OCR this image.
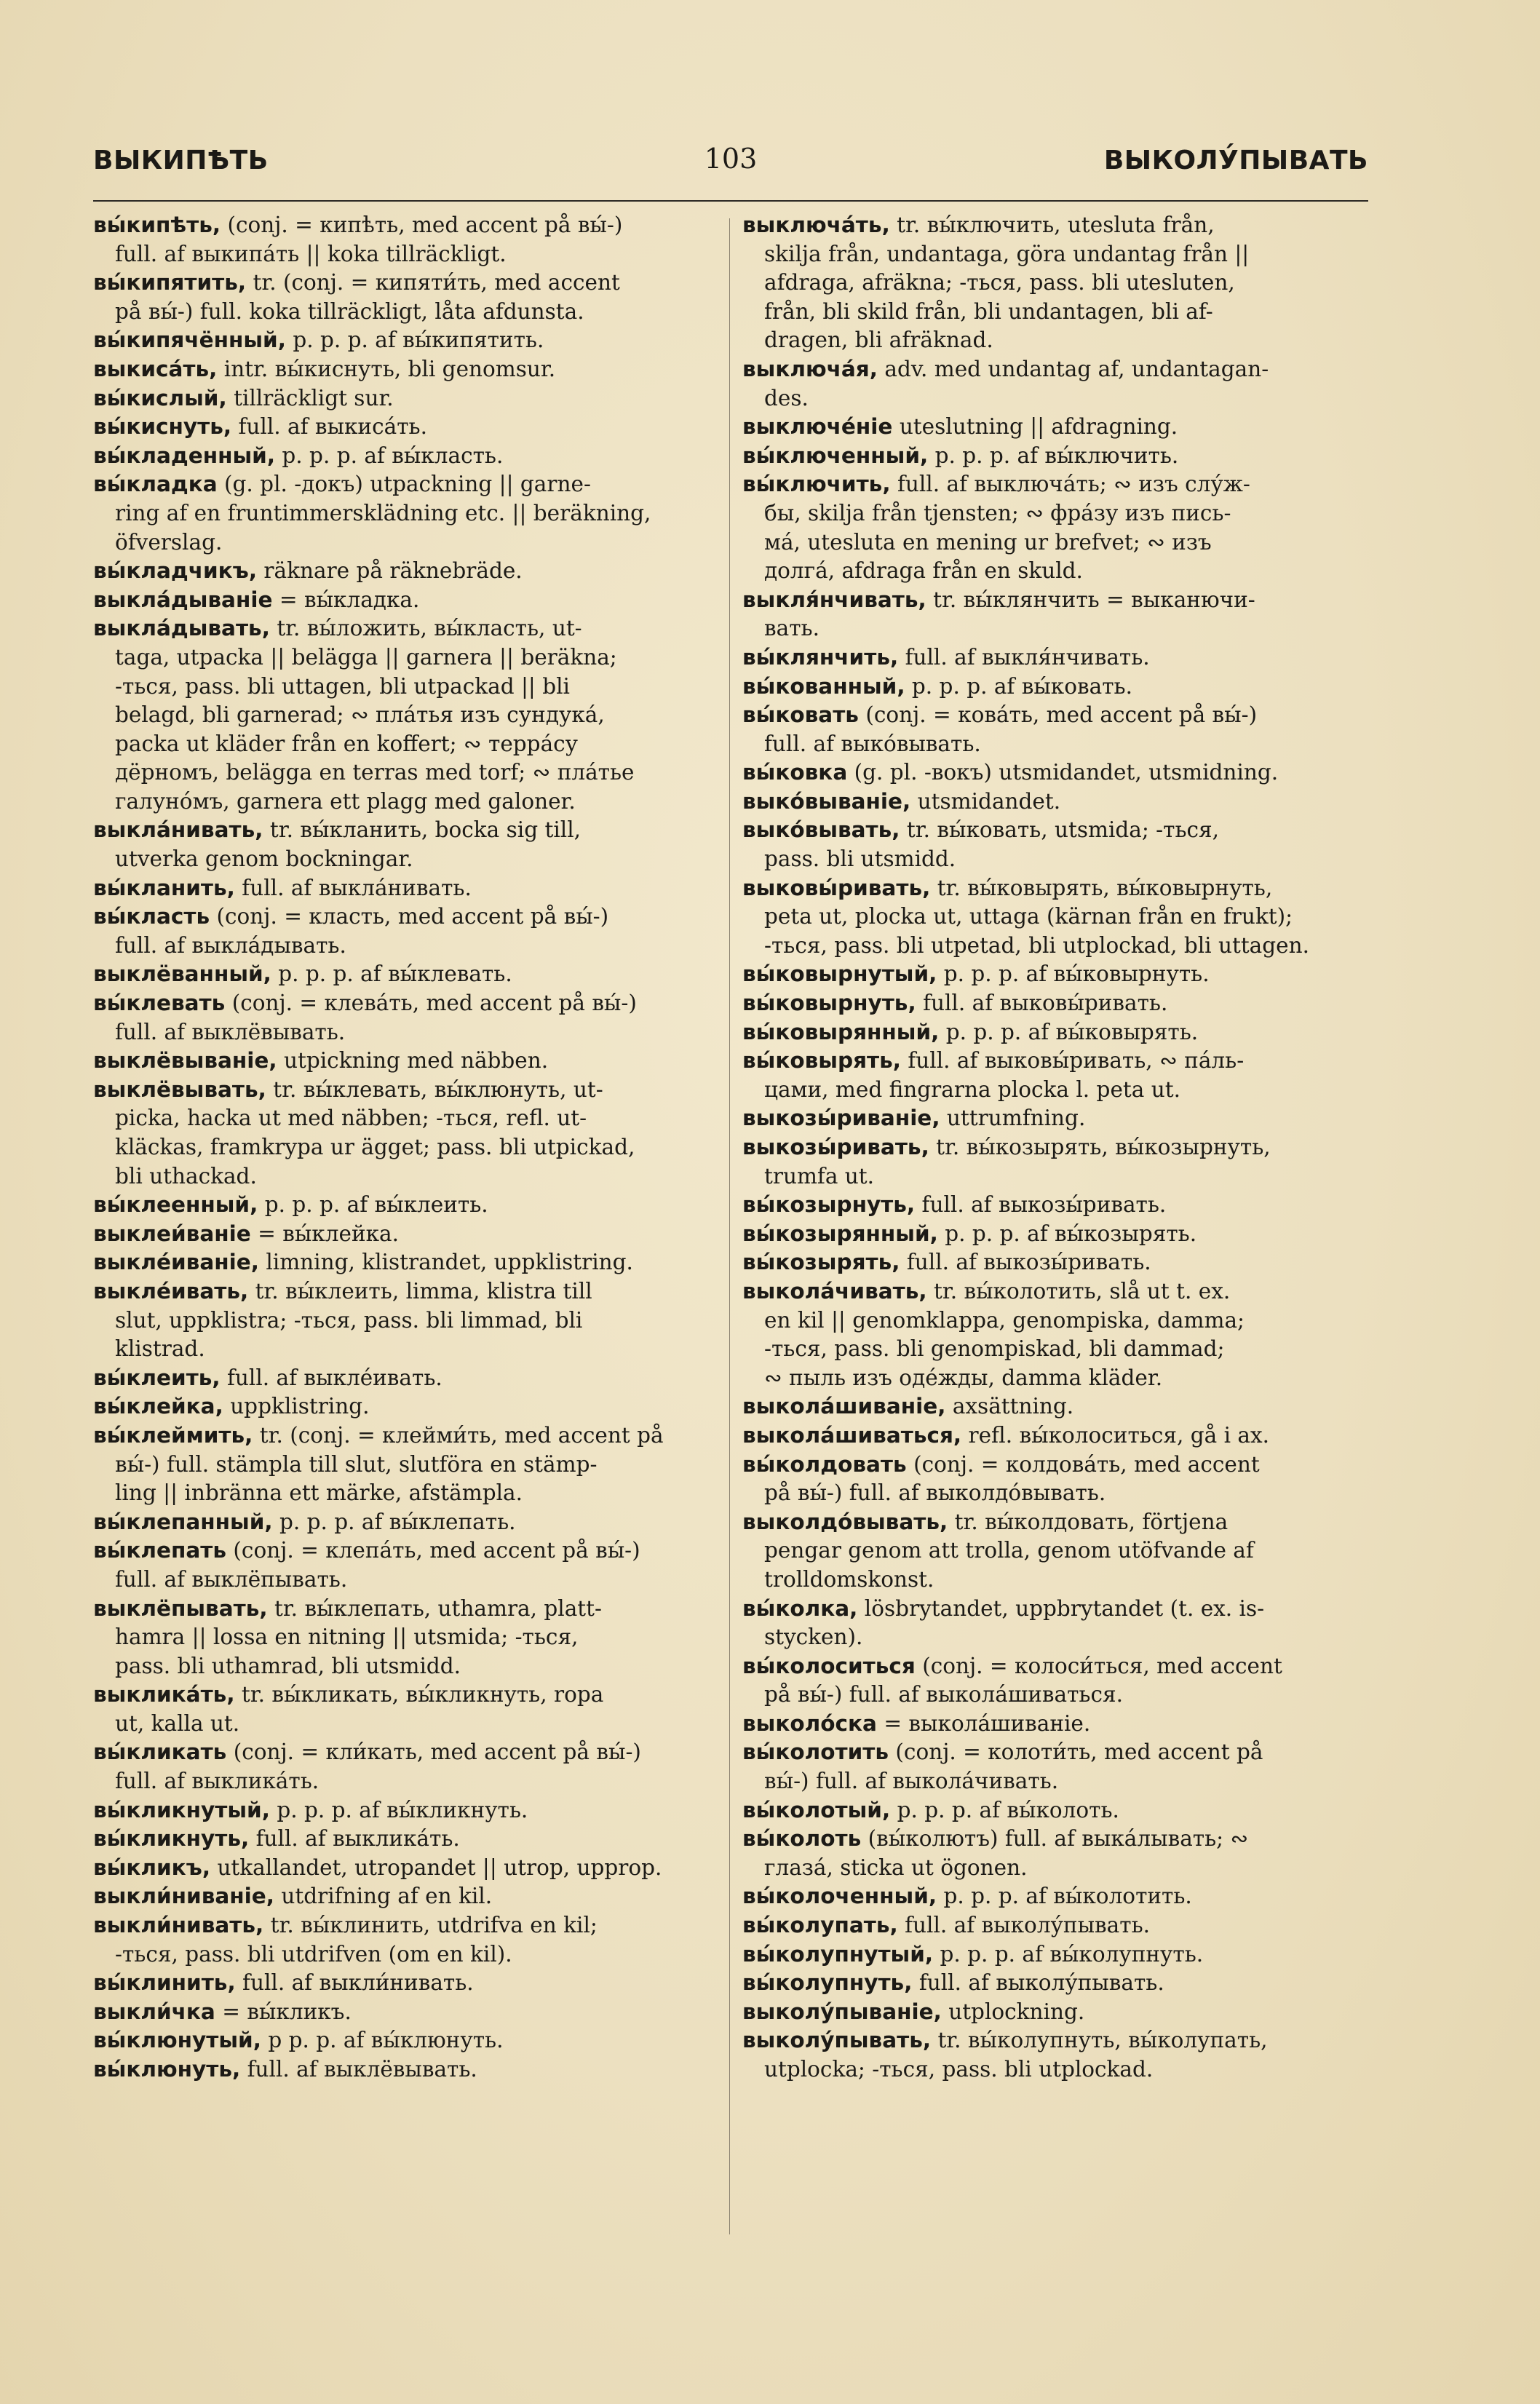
ВЫКИПѢТЬ	103	ВЫКОЛУ́ПЫВАТЬ
вы́кипѣть, (conj. = кипѣть, med accent på вы́-)
full. af выкипа́ть || koka tillräckligt.
вы́кипятить, tr. (conj. = кипяти́ть, med accent
på вы́-) full. koka tillräckligt, låta afdunsta.
вы́кипячённый, p. p. p. af вы́кипятить.
выкиса́ть, intr. вы́киснуть, bli genomsur.
вы́кислый, tillräckligt sur.
вы́киснуть, full. af выкиса́ть.
вы́кладенный, p. p. p. af вы́класть.
вы́кладка (g. pl. -докъ) utpackning || garne-
ring af en fruntimmersklädning etc. || beräkning,
öfverslag.
вы́кладчикъ, räknare på räknebräde.
выкла́дываніе = вы́кладка.
выкла́дывать, tr. вы́ложить, вы́класть, ut-
taga, utpacka || belägga || garnera || beräkna;
-ться, pass. bli uttagen, bli utpackad || bli
belagd, bli garnerad; ∾ пла́тья изъ сундука́,
packa ut kläder från en koffert; ∾ терра́су
дёрномъ, belägga en terras med torf; ∾ пла́тье
галуно́мъ, garnera ett plagg med galoner.
выкла́нивать, tr. вы́кланить, bocka sig till,
utverka genom bockningar.
вы́кланить, full. af выкла́нивать.
вы́класть (conj. = класть, med accent på вы́-)
full. af выкла́дывать.
выклёванный, p. p. p. af вы́клевать.
вы́клевать (conj. = клева́ть, med accent på вы́-)
full. af выклёвывать.
выклёвываніе, utpickning med näbben.
выклёвывать, tr. вы́клевать, вы́клюнуть, ut-
picka, hacka ut med näbben; -ться, refl. ut-
kläckas, framkrypa ur ägget; pass. bli utpickad,
bli uthackad.
вы́клеенный, p. p. p. af вы́клеить.
выклеи́ваніе = вы́клейка.
выкле́иваніе, limning, klistrandet, uppklistring.
выкле́ивать, tr. вы́клеить, limma, klistra till
slut, uppklistra; -ться, pass. bli limmad, bli
klistrad.
вы́клеить, full. af выкле́ивать.
вы́клейка, uppklistring.
вы́клеймить, tr. (conj. = клейми́ть, med accent på
вы́-) full. stämpla till slut, slutföra en stämp-
ling || inbränna ett märke, afstämpla.
вы́клепанный, p. p. p. af вы́клепать.
вы́клепать (conj. = клепа́ть, med accent på вы́-)
full. af выклёпывать.
выклёпывать, tr. вы́клепать, uthamra, platt-
hamra || lossa en nitning || utsmida; -ться,
pass. bli uthamrad, bli utsmidd.
выклика́ть, tr. вы́кликать, вы́кликнуть, ropa
ut, kalla ut.
вы́кликать (conj. = кли́кать, med accent på вы́-)
full. af выклика́ть.
вы́кликнутый, p. p. p. af вы́кликнуть.
вы́кликнуть, full. af выклика́ть.
вы́кликъ, utkallandet, utropandet || utrop, upprop.
выкли́ниваніе, utdrifning af en kil.
выкли́нивать, tr. вы́клинить, utdrifva en kil;
-ться, pass. bli utdrifven (om en kil).
вы́клинить, full. af выкли́нивать.
выкли́чка = вы́кликъ.
вы́клюнутый, p p. p. af вы́клюнуть.
вы́клюнуть, full. af выклёвывать.
выключа́ть, tr. вы́ключить, utesluta från,
skilja från, undantaga, göra undantag från ||
afdraga, afräkna; -ться, pass. bli utesluten,
från, bli skild från, bli undantagen, bli af-
dragen, bli afräknad.
выключа́я, adv. med undantag af, undantagan-
des.
выключе́ніе uteslutning || afdragning.
вы́ключенный, p. p. p. af вы́ключить.
вы́ключить, full. af выключа́ть; ∾ изъ слу́ж-
бы, skilja från tjensten; ∾ фра́зу изъ пись-
ма́, utesluta en mening ur brefvet; ∾ изъ
долга́, afdraga från en skuld.
выкля́нчивать, tr. вы́клянчить = выканючи-
вать.
вы́клянчить, full. af выкля́нчивать.
вы́кованный, p. p. p. af вы́ковать.
вы́ковать (conj. = кова́ть, med accent på вы́-)
full. af выко́вывать.
вы́ковка (g. pl. -вокъ) utsmidandet, utsmidning.
выко́вываніе, utsmidandet.
выко́вывать, tr. вы́ковать, utsmida; -ться,
pass. bli utsmidd.
выковы́ривать, tr. вы́ковырять, вы́ковырнуть,
peta ut, plocka ut, uttaga (kärnan från en frukt);
-ться, pass. bli utpetad, bli utplockad, bli uttagen.
вы́ковырнутый, p. p. p. af вы́ковырнуть.
вы́ковырнуть, full. af выковы́ривать.
вы́ковырянный, p. p. p. af вы́ковырять.
вы́ковырять, full. af выковы́ривать, ∾ па́ль-
цами, med fingrarna plocka l. peta ut.
выкозы́риваніе, uttrumfning.
выкозы́ривать, tr. вы́козырять, вы́козырнуть,
trumfa ut.
вы́козырнуть, full. af выкозы́ривать.
вы́козырянный, p. p. p. af вы́козырять.
вы́козырять, full. af выкозы́ривать.
выкола́чивать, tr. вы́колотить, slå ut t. ex.
en kil || genomklappa, genompiska, damma;
-ться, pass. bli genompiskad, bli dammad;
∾ пыль изъ оде́жды, damma kläder.
выкола́шиваніе, axsättning.
выкола́шиваться, refl. вы́колоситься, gå i ax.
вы́колдовать (conj. = колдова́ть, med accent
på вы́-) full. af выколдо́вывать.
выколдо́вывать, tr. вы́колдовать, förtjena
pengar genom att trolla, genom utöfvande af
trolldomskonst.
вы́колка, lösbrytandet, uppbrytandet (t. ex. is-
stycken).
вы́колоситься (conj. = колоси́ться, med accent
på вы́-) full. af выкола́шиваться.
выколо́ска = выкола́шиваніе.
вы́колотить (conj. = колоти́ть, med accent på
вы́-) full. af выкола́чивать.
вы́колотый, p. p. p. af вы́колоть.
вы́колоть (вы́колютъ) full. af выка́лывать; ∾
глаза́, sticka ut ögonen.
вы́колоченный, p. p. p. af вы́колотить.
вы́колупать, full. af выколу́пывать.
вы́колупнутый, p. p. p. af вы́колупнуть.
вы́колупнуть, full. af выколу́пывать.
выколу́пываніе, utplockning.
выколу́пывать, tr. вы́колупнуть, вы́колупать,
utplocka; -ться, pass. bli utplockad.
